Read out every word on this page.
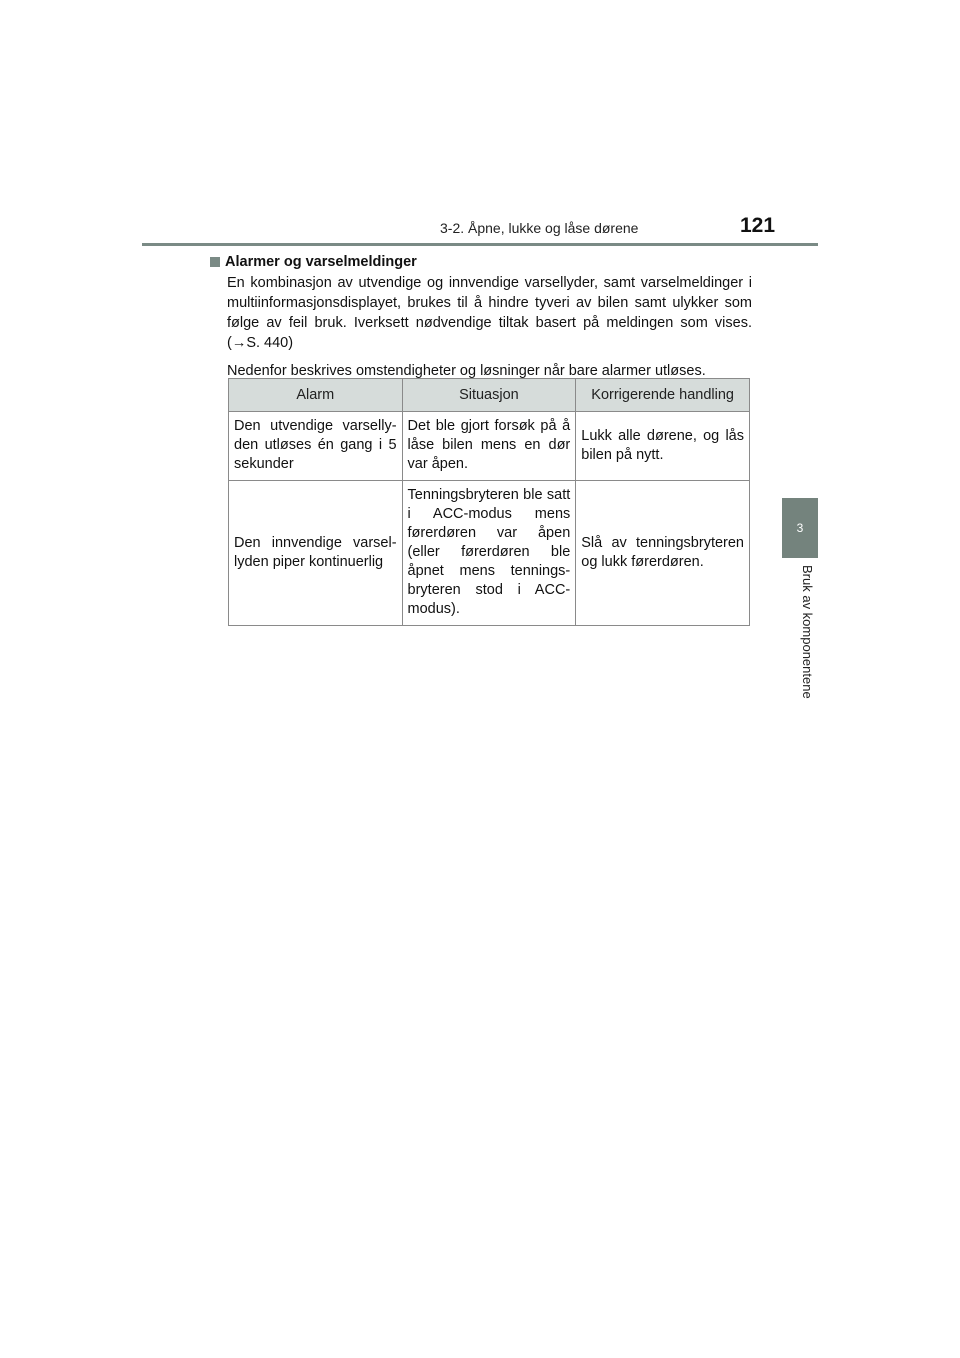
3-2. Åpne, lukke og låse dørene	121
3
Bruk av komponentene
Alarmer og varselmeldinger
En kombinasjon av utvendige og innvendige varsellyder, samt varselmeldinger i multiinformasjonsdisplayet, brukes til å hindre tyveri av bilen samt ulykker som følge av feil bruk. Iverksett nødvendige tiltak basert på meldingen som vises. (→S. 440)
Nedenfor beskrives omstendigheter og løsninger når bare alarmer utløses.
Alarm	Situasjon	Korrigerende handling
Den utvendige varselly-den utløses én gang i 5 sekunder	Det ble gjort forsøk på å låse bilen mens en dør var åpen.	Lukk alle dørene, og lås bilen på nytt.
Den innvendige varsel-lyden piper kontinuerlig	Tenningsbryteren ble satt i ACC-modus mens førerdøren var åpen (eller førerdøren ble åpnet mens tennings-bryteren stod i ACC-modus).	Slå av tenningsbryteren og lukk førerdøren.
